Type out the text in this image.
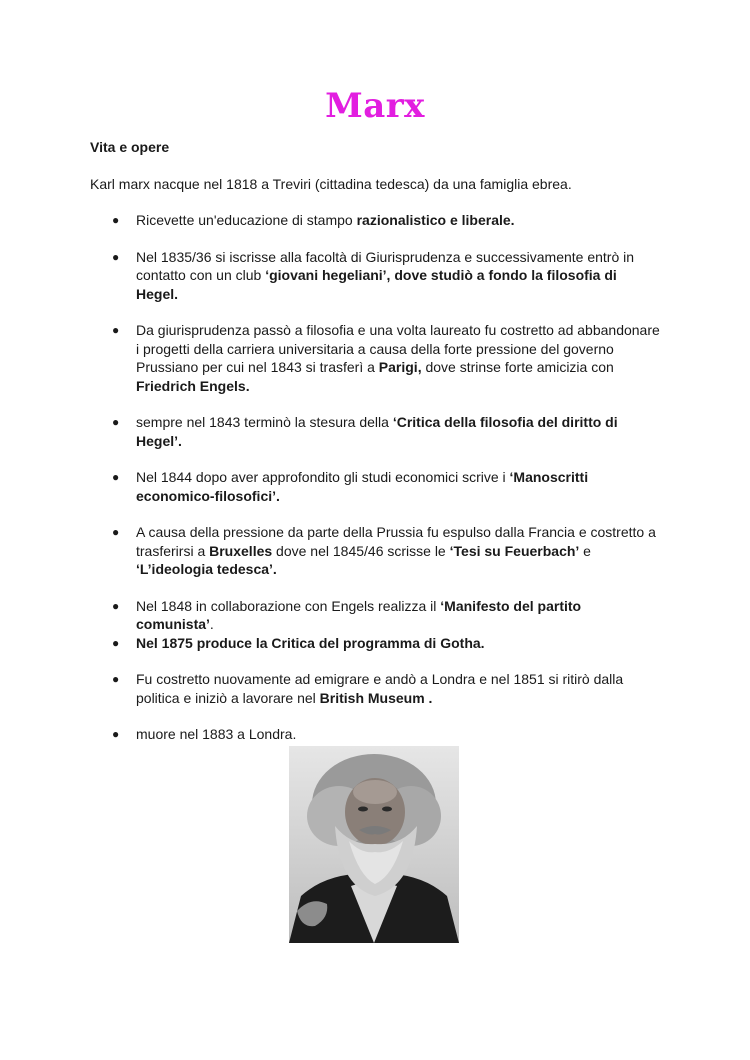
Marx
Vita e opere
Karl marx nacque nel 1818 a Treviri (cittadina tedesca) da una famiglia ebrea.
● Ricevette un'educazione di stampo razionalistico e liberale.
● Nel 1835/36 si iscrisse alla facoltà di Giurisprudenza e successivamente entrò in contatto con un club ‘giovani hegeliani’, dove studiò a fondo la filosofia di Hegel.
● Da giurisprudenza passò a filosofia e una volta laureato fu costretto ad abbandonare i progetti della carriera universitaria a causa della forte pressione del governo Prussiano per cui nel 1843 si trasferì a Parigi, dove strinse forte amicizia con Friedrich Engels.
● sempre nel 1843 terminò la stesura della ‘Critica della filosofia del diritto di Hegel’.
● Nel 1844 dopo aver approfondito gli studi economici scrive i ‘Manoscritti economico-filosofici’.
● A causa della pressione da parte della Prussia fu espulso dalla Francia e costretto a trasferirsi a Bruxelles dove nel 1845/46 scrisse le ‘Tesi su Feuerbach’ e ‘L’ideologia tedesca’.
● Nel 1848 in collaborazione con Engels realizza il ‘Manifesto del partito comunista’.
● Nel 1875 produce la Critica del programma di Gotha.
● Fu costretto nuovamente ad emigrare e andò a Londra e nel 1851 si ritirò dalla politica e iniziò a lavorare nel British Museum .
● muore nel 1883 a Londra.
